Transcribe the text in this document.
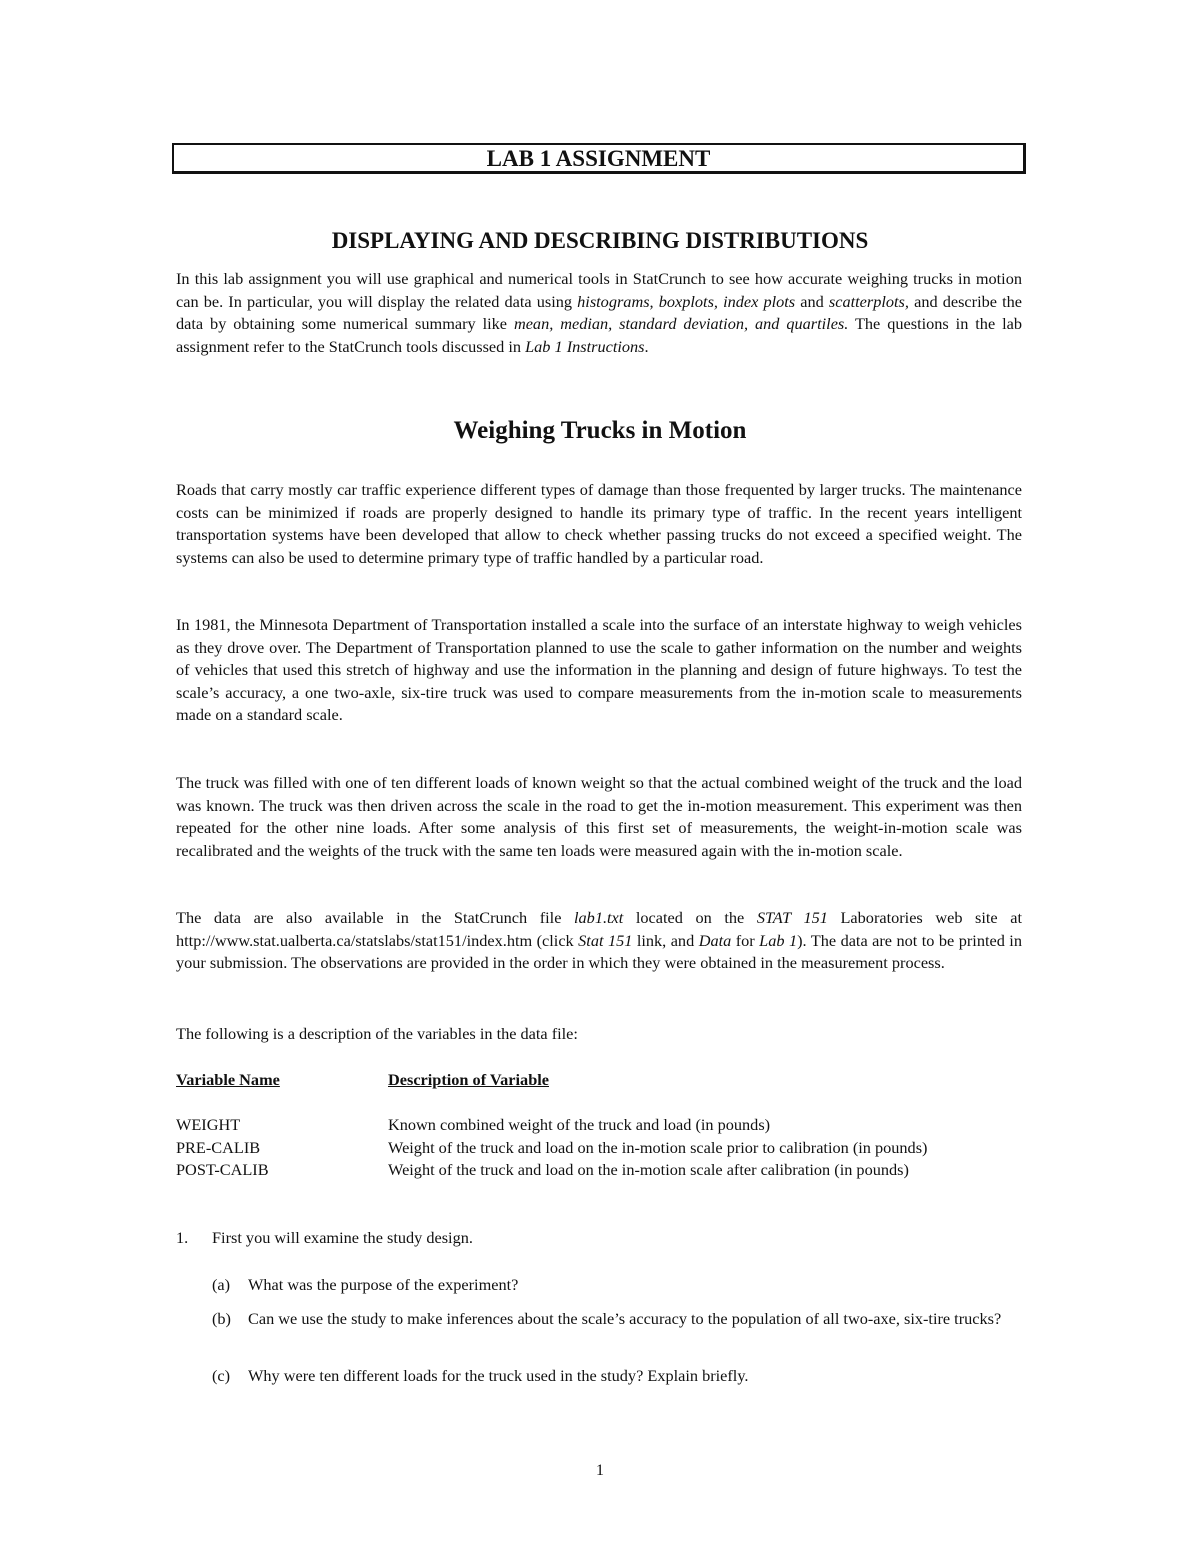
LAB 1 ASSIGNMENT
DISPLAYING AND DESCRIBING DISTRIBUTIONS

In this lab assignment you will use graphical and numerical tools in StatCrunch to see how accurate weighing trucks in motion can be. In particular, you will display the related data using histograms, boxplots, index plots and scatterplots, and describe the data by obtaining some numerical summary like mean, median, standard deviation, and quartiles. The questions in the lab assignment refer to the StatCrunch tools discussed in Lab 1 Instructions.

Weighing Trucks in Motion

Roads that carry mostly car traffic experience different types of damage than those frequented by larger trucks. The maintenance costs can be minimized if roads are properly designed to handle its primary type of traffic. In the recent years intelligent transportation systems have been developed that allow to check whether passing trucks do not exceed a specified weight. The systems can also be used to determine primary type of traffic handled by a particular road.

In 1981, the Minnesota Department of Transportation installed a scale into the surface of an interstate highway to weigh vehicles as they drove over. The Department of Transportation planned to use the scale to gather information on the number and weights of vehicles that used this stretch of highway and use the information in the planning and design of future highways. To test the scale’s accuracy, a one two-axle, six-tire truck was used to compare measurements from the in-motion scale to measurements made on a standard scale.

The truck was filled with one of ten different loads of known weight so that the actual combined weight of the truck and the load was known. The truck was then driven across the scale in the road to get the in-motion measurement. This experiment was then repeated for the other nine loads. After some analysis of this first set of measurements, the weight-in-motion scale was recalibrated and the weights of the truck with the same ten loads were measured again with the in-motion scale.

The data are also available in the StatCrunch file lab1.txt located on the STAT 151 Laboratories web site at http://www.stat.ualberta.ca/statslabs/stat151/index.htm (click Stat 151 link, and Data for Lab 1). The data are not to be printed in your submission. The observations are provided in the order in which they were obtained in the measurement process.

The following is a description of the variables in the data file:

Variable Name	Description of Variable
WEIGHT	Known combined weight of the truck and load (in pounds)
PRE-CALIB	Weight of the truck and load on the in-motion scale prior to calibration (in pounds)
POST-CALIB	Weight of the truck and load on the in-motion scale after calibration (in pounds)
1.	First you will examine the study design.
(a)	What was the purpose of the experiment?
(b)	Can we use the study to make inferences about the scale’s accuracy to the population of all two-axe, six-tire trucks?
(c)	Why were ten different loads for the truck used in the study? Explain briefly.
1
